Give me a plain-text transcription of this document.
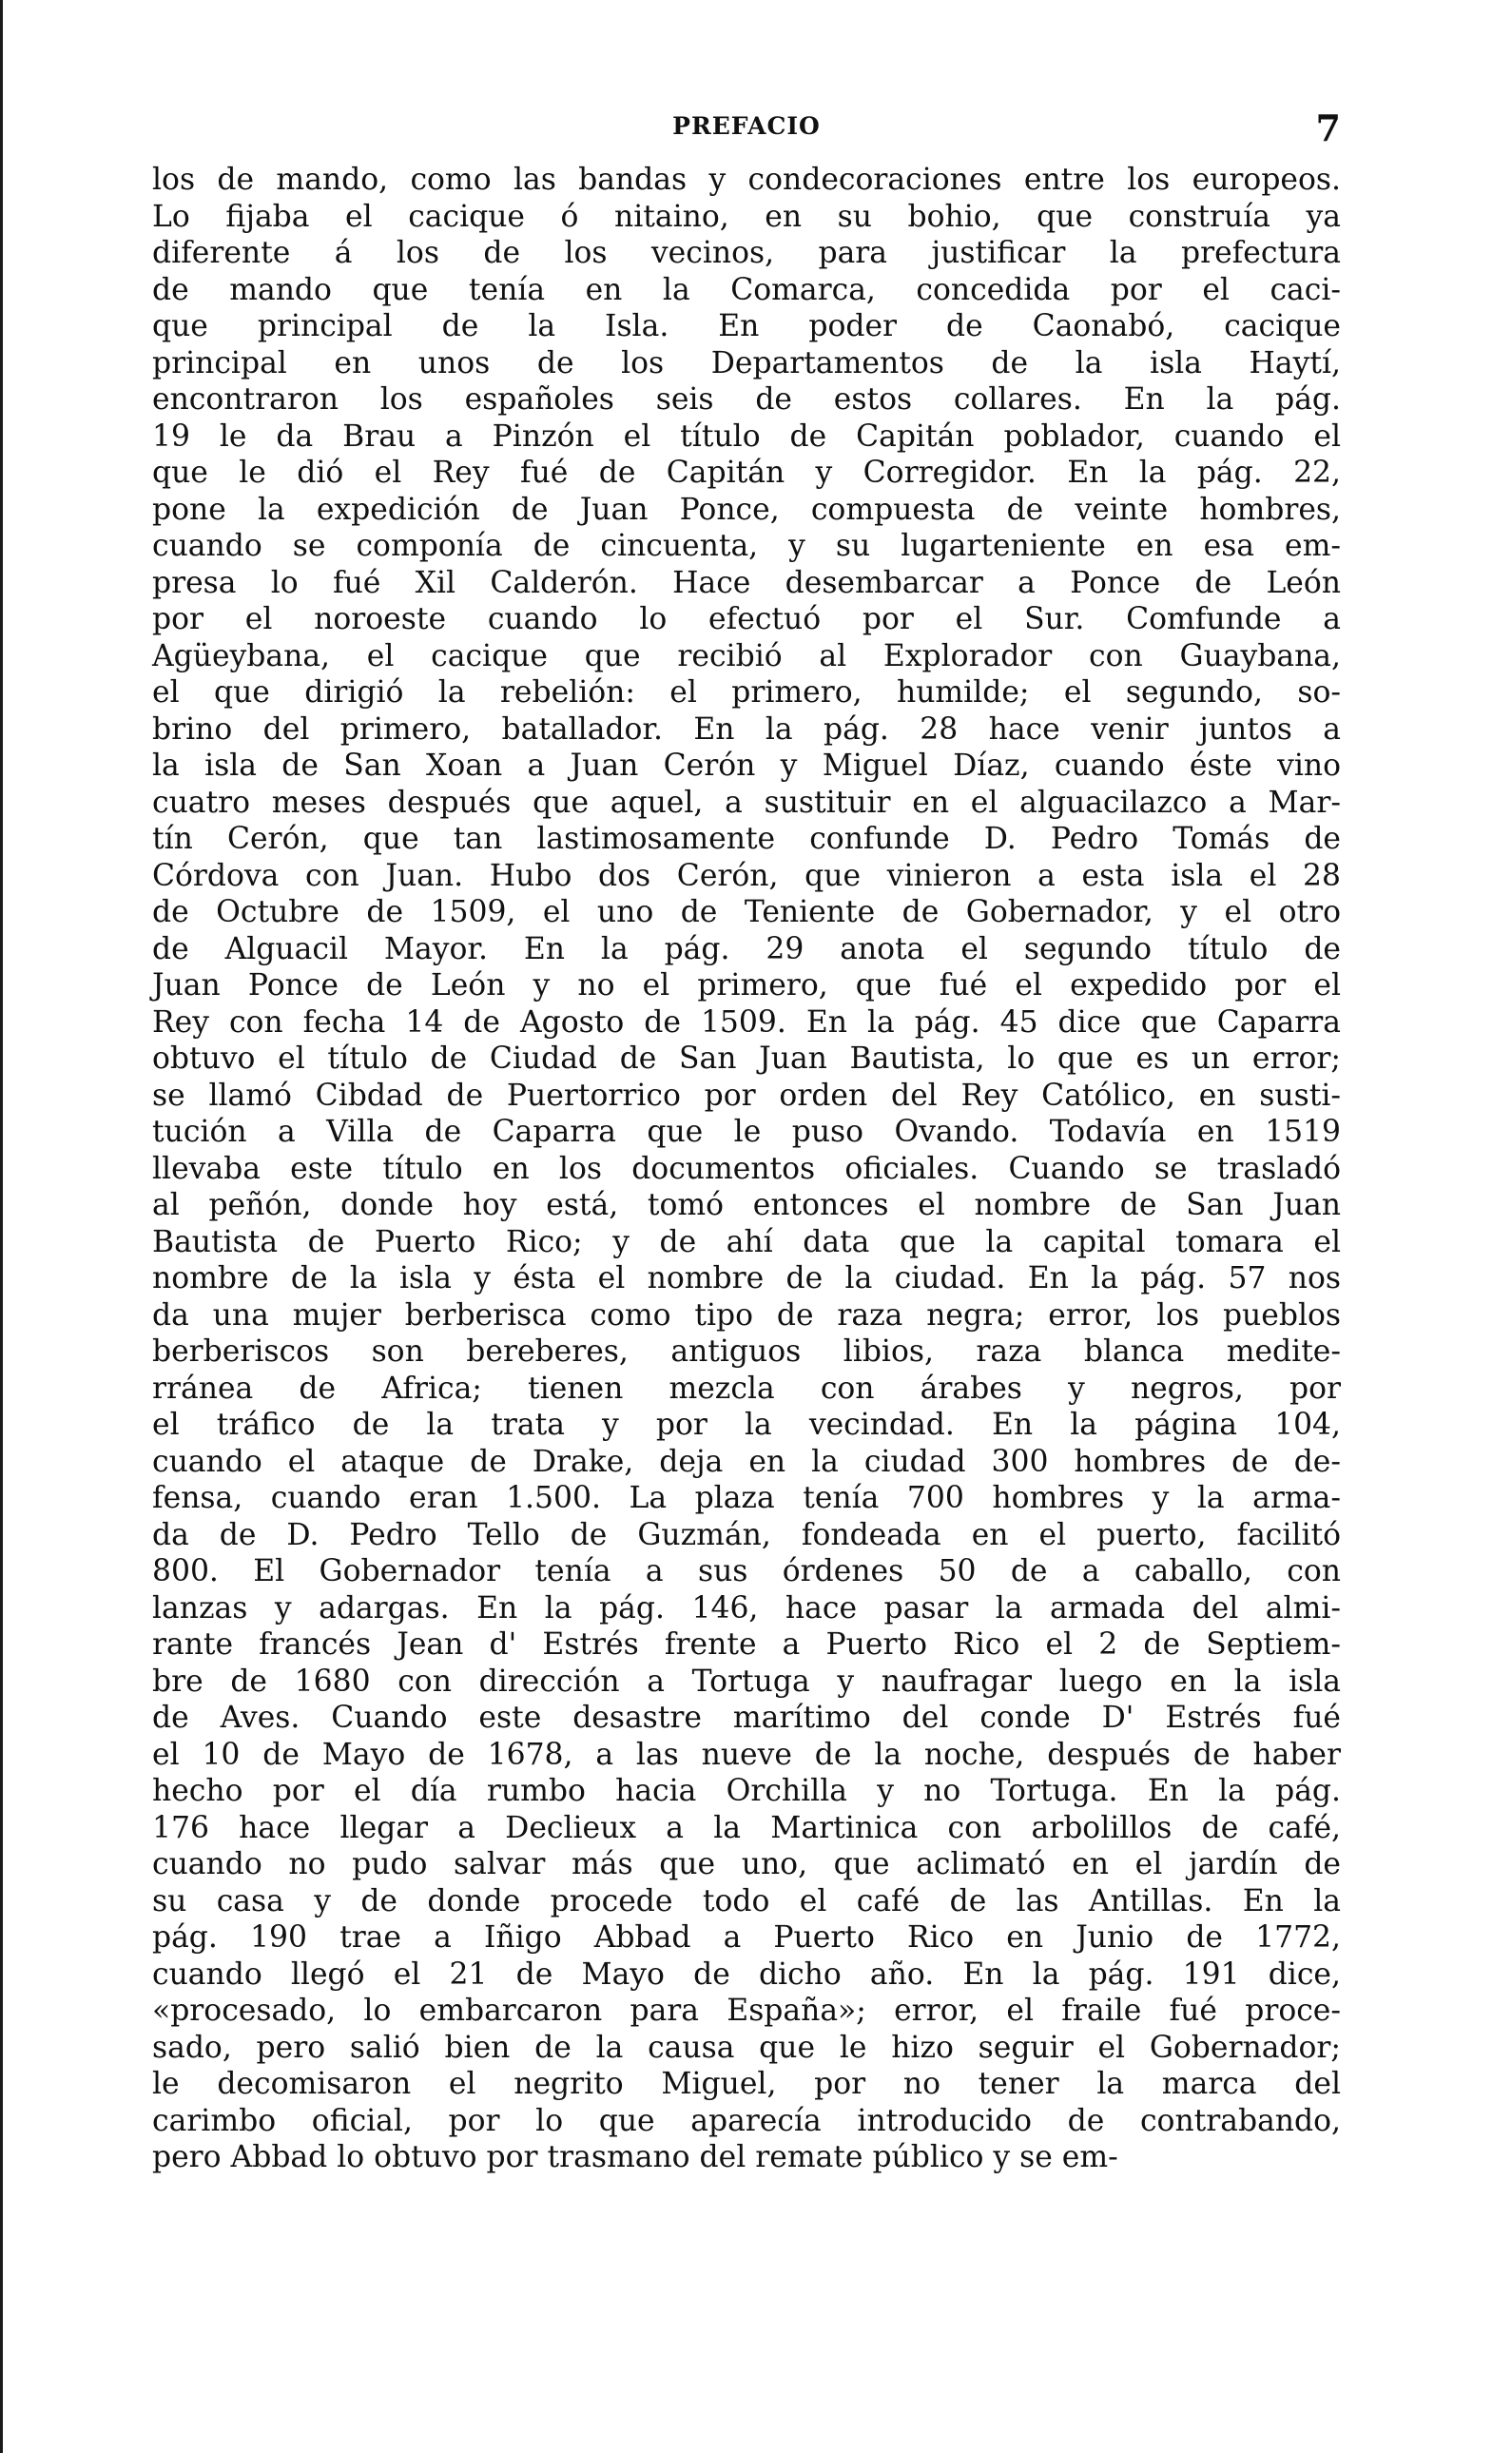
PREFACIO	7
los de mando, como las bandas y condecoraciones entre los europeos.
Lo fijaba el cacique ó nitaino, en su bohio, que construía ya
diferente á los de los vecinos, para justificar la prefectura
de mando que tenía en la Comarca, concedida por el caci-
que principal de la Isla. En poder de Caonabó, cacique
principal en unos de los Departamentos de la isla Haytí,
encontraron los españoles seis de estos collares. En la pág.
19 le da Brau a Pinzón el título de Capitán poblador, cuando el
que le dió el Rey fué de Capitán y Corregidor. En la pág. 22,
pone la expedición de Juan Ponce, compuesta de veinte hombres,
cuando se componía de cincuenta, y su lugarteniente en esa em-
presa lo fué Xil Calderón. Hace desembarcar a Ponce de León
por el noroeste cuando lo efectuó por el Sur. Comfunde a
Agüeybana, el cacique que recibió al Explorador con Guaybana,
el que dirigió la rebelión: el primero, humilde; el segundo, so-
brino del primero, batallador. En la pág. 28 hace venir juntos a
la isla de San Xoan a Juan Cerón y Miguel Díaz, cuando éste vino
cuatro meses después que aquel, a sustituir en el alguacilazco a Mar-
tín Cerón, que tan lastimosamente confunde D. Pedro Tomás de
Córdova con Juan. Hubo dos Cerón, que vinieron a esta isla el 28
de Octubre de 1509, el uno de Teniente de Gobernador, y el otro
de Alguacil Mayor. En la pág. 29 anota el segundo título de
Juan Ponce de León y no el primero, que fué el expedido por el
Rey con fecha 14 de Agosto de 1509. En la pág. 45 dice que Caparra
obtuvo el título de Ciudad de San Juan Bautista, lo que es un error;
se llamó Cibdad de Puertorrico por orden del Rey Católico, en susti-
tución a Villa de Caparra que le puso Ovando. Todavía en 1519
llevaba este título en los documentos oficiales. Cuando se trasladó
al peñón, donde hoy está, tomó entonces el nombre de San Juan
Bautista de Puerto Rico; y de ahí data que la capital tomara el
nombre de la isla y ésta el nombre de la ciudad. En la pág. 57 nos
da una mujer berberisca como tipo de raza negra; error, los pueblos
berberiscos son bereberes, antiguos libios, raza blanca medite-
rránea de Africa; tienen mezcla con árabes y negros, por
el tráfico de la trata y por la vecindad. En la página 104,
cuando el ataque de Drake, deja en la ciudad 300 hombres de de-
fensa, cuando eran 1.500. La plaza tenía 700 hombres y la arma-
da de D. Pedro Tello de Guzmán, fondeada en el puerto, facilitó
800. El Gobernador tenía a sus órdenes 50 de a caballo, con
lanzas y adargas. En la pág. 146, hace pasar la armada del almi-
rante francés Jean d' Estrés frente a Puerto Rico el 2 de Septiem-
bre de 1680 con dirección a Tortuga y naufragar luego en la isla
de Aves. Cuando este desastre marítimo del conde D' Estrés fué
el 10 de Mayo de 1678, a las nueve de la noche, después de haber
hecho por el día rumbo hacia Orchilla y no Tortuga. En la pág.
176 hace llegar a Declieux a la Martinica con arbolillos de café,
cuando no pudo salvar más que uno, que aclimató en el jardín de
su casa y de donde procede todo el café de las Antillas. En la
pág. 190 trae a Iñigo Abbad a Puerto Rico en Junio de 1772,
cuando llegó el 21 de Mayo de dicho año. En la pág. 191 dice,
«procesado, lo embarcaron para España»; error, el fraile fué proce-
sado, pero salió bien de la causa que le hizo seguir el Gobernador;
le decomisaron el negrito Miguel, por no tener la marca del
carimbo oficial, por lo que aparecía introducido de contrabando,
pero Abbad lo obtuvo por trasmano del remate público y se em-
